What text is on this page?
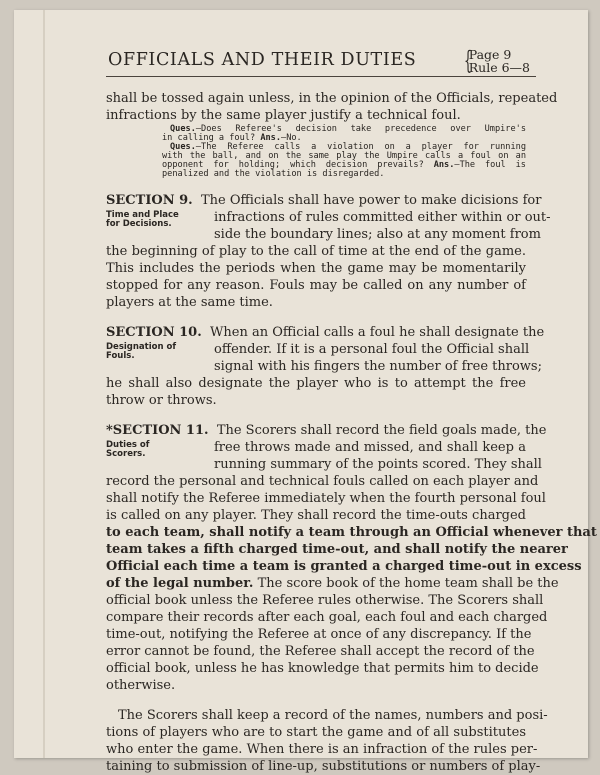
OFFICIALS AND THEIR DUTIES {
Page 9
Rule 6—8
shall be tossed again unless, in the opinion of the Officials, repeated
infractions by the same player justify a technical foul.
Ques.—Does Referee's decision take precedence over Umpire's
in calling a foul? Ans.—No.
Ques.—The Referee calls a violation on a player for running
with the ball, and on the same play the Umpire calls a foul on an
opponent for holding; which decision prevails? Ans.—The foul is
penalized and the violation is disregarded.
SECTION 9. The Officials shall have power to make dicisions for
Time and Place
for Decisions.	infractions of rules committed either within or out-
side the boundary lines; also at any moment from
the beginning of play to the call of time at the end of the game.
This includes the periods when the game may be momentarily
stopped for any reason. Fouls may be called on any number of
players at the same time.
SECTION 10. When an Official calls a foul he shall designate the
Designation of
Fouls.	offender. If it is a personal foul the Official shall
signal with his fingers the number of free throws;
he shall also designate the player who is to attempt the free
throw or throws.
*SECTION 11. The Scorers shall record the field goals made, the
Duties of
Scorers.	free throws made and missed, and shall keep a
running summary of the points scored. They shall
record the personal and technical fouls called on each player and
shall notify the Referee immediately when the fourth personal foul
is called on any player. They shall record the time-outs charged
to each team, shall notify a team through an Official whenever that
team takes a fifth charged time-out, and shall notify the nearer
Official each time a team is granted a charged time-out in excess
of the legal number. The score book of the home team shall be the
official book unless the Referee rules otherwise. The Scorers shall
compare their records after each goal, each foul and each charged
time-out, notifying the Referee at once of any discrepancy. If the
error cannot be found, the Referee shall accept the record of the
official book, unless he has knowledge that permits him to decide
otherwise.
The Scorers shall keep a record of the names, numbers and posi-
tions of players who are to start the game and of all substitutes
who enter the game. When there is an infraction of the rules per-
taining to submission of line-up, substitutions or numbers of play-
